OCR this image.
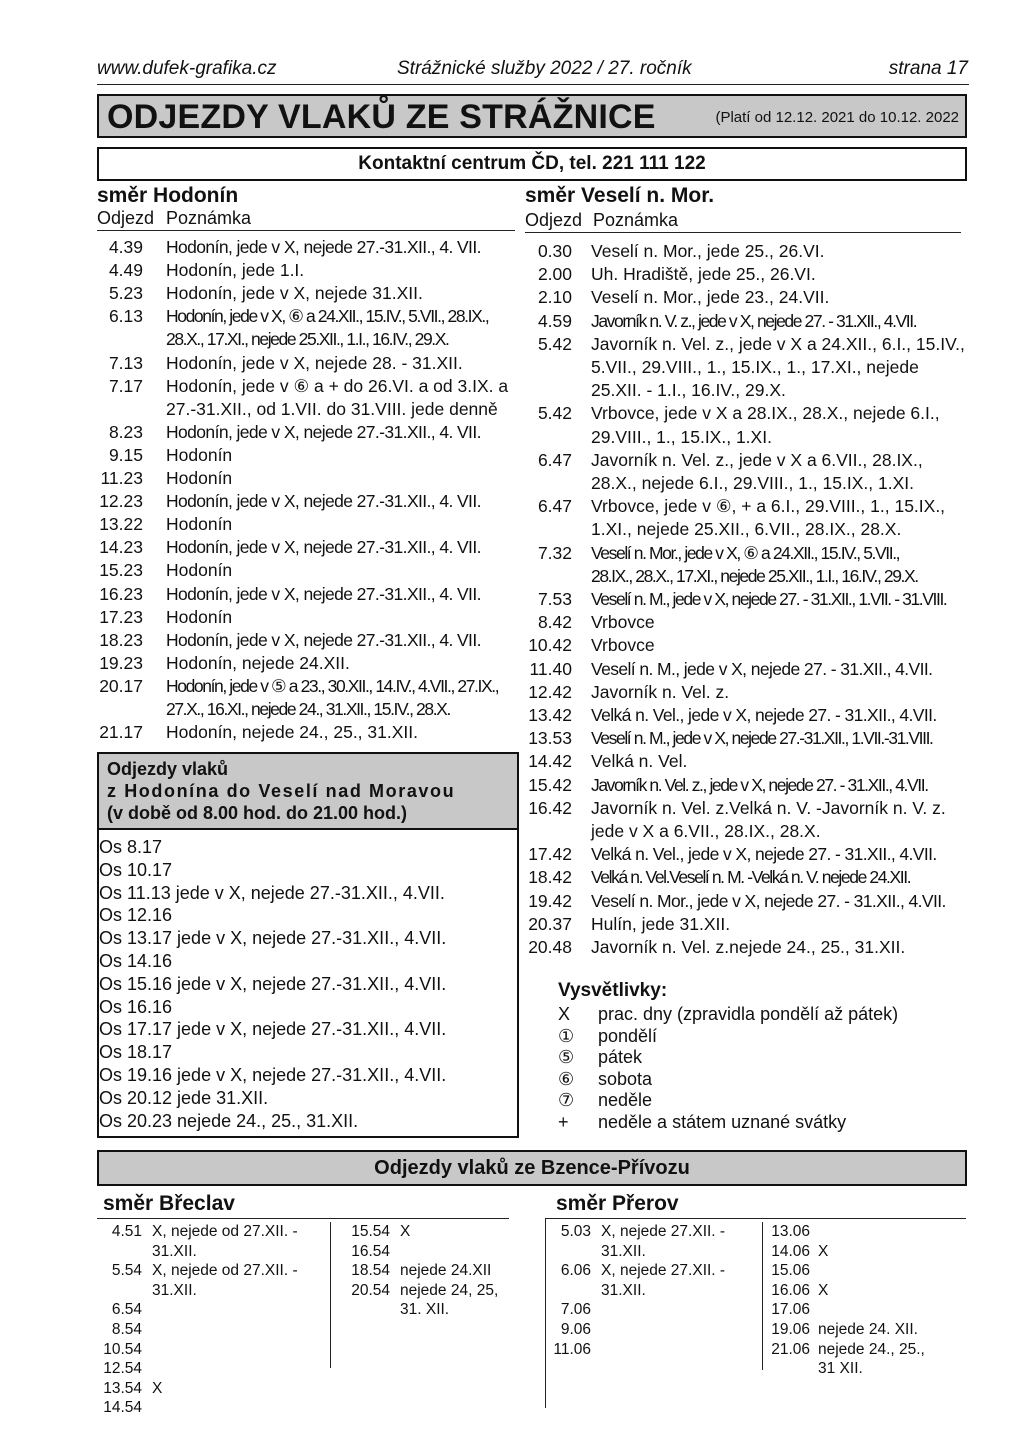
www.dufek-grafika.cz	Strážnické služby 2022 / 27. ročník	strana 17
ODJEZDY VLAKŮ ZE STRÁŽNICE	(Platí od 12.12. 2021 do 10.12. 2022
Kontaktní centrum ČD, tel. 221 111 122
směr Hodonín
Odjezd Poznámka
4.39 Hodonín, jede v X, nejede 27.-31.XII., 4. VII.
4.49 Hodonín, jede 1.I.
5.23 Hodonín, jede v X, nejede 31.XII.
6.13 Hodonín, jede v X, ⑥ a 24.XII., 15.IV., 5.VII., 28.IX.,
28.X., 17.XI., nejede 25.XII., 1.I., 16.IV., 29.X.
7.13 Hodonín, jede v X, nejede 28. - 31.XII.
7.17 Hodonín, jede v ⑥ a + do 26.VI. a od 3.IX. a
27.-31.XII., od 1.VII. do 31.VIII. jede denně
8.23 Hodonín, jede v X, nejede 27.-31.XII., 4. VII.
9.15 Hodonín
11.23 Hodonín
12.23 Hodonín, jede v X, nejede 27.-31.XII., 4. VII.
13.22 Hodonín
14.23 Hodonín, jede v X, nejede 27.-31.XII., 4. VII.
15.23 Hodonín
16.23 Hodonín, jede v X, nejede 27.-31.XII., 4. VII.
17.23 Hodonín
18.23 Hodonín, jede v X, nejede 27.-31.XII., 4. VII.
19.23 Hodonín, nejede 24.XII.
20.17 Hodonín, jede v ⑤ a 23., 30.XII., 14.IV., 4.VII., 27.IX.,
27.X., 16.XI., nejede 24., 31.XII., 15.IV., 28.X.
21.17 Hodonín, nejede 24., 25., 31.XII.
Odjezdy vlaků
z Hodonína do Veselí nad Moravou
(v době od 8.00 hod. do 21.00 hod.)
Os 8.17
Os 10.17
Os 11.13 jede v X, nejede 27.-31.XII., 4.VII.
Os 12.16
Os 13.17 jede v X, nejede 27.-31.XII., 4.VII.
Os 14.16
Os 15.16 jede v X, nejede 27.-31.XII., 4.VII.
Os 16.16
Os 17.17 jede v X, nejede 27.-31.XII., 4.VII.
Os 18.17
Os 19.16 jede v X, nejede 27.-31.XII., 4.VII.
Os 20.12 jede 31.XII.
Os 20.23 nejede 24., 25., 31.XII.
směr Veselí n. Mor.
Odjezd Poznámka
0.30 Veselí n. Mor., jede 25., 26.VI.
2.00 Uh. Hradiště, jede 25., 26.VI.
2.10 Veselí n. Mor., jede 23., 24.VII.
4.59 Javorník n. V. z., jede v X, nejede 27. - 31.XII., 4.VII.
5.42 Javorník n. Vel. z., jede v X a 24.XII., 6.I., 15.IV.,
5.VII., 29.VIII., 1., 15.IX., 1., 17.XI., nejede
25.XII. - 1.I., 16.IV., 29.X.
5.42 Vrbovce, jede v X a 28.IX., 28.X., nejede 6.I.,
29.VIII., 1., 15.IX., 1.XI.
6.47 Javorník n. Vel. z., jede v X a 6.VII., 28.IX.,
28.X., nejede 6.I., 29.VIII., 1., 15.IX., 1.XI.
6.47 Vrbovce, jede v ⑥, + a 6.I., 29.VIII., 1., 15.IX.,
1.XI., nejede 25.XII., 6.VII., 28.IX., 28.X.
7.32 Veselí n. Mor., jede v X, ⑥ a 24.XII., 15.IV., 5.VII.,
28.IX., 28.X., 17.XI., nejede 25.XII., 1.I., 16.IV., 29.X.
7.53 Veselí n. M., jede v X, nejede 27. - 31.XII., 1.VII. - 31.VIII.
8.42 Vrbovce
10.42 Vrbovce
11.40 Veselí n. M., jede v X, nejede 27. - 31.XII., 4.VII.
12.42 Javorník n. Vel. z.
13.42 Velká n. Vel., jede v X, nejede 27. - 31.XII., 4.VII.
13.53 Veselí n. M., jede v X, nejede 27.-31.XII., 1.VII.-31.VIII.
14.42 Velká n. Vel.
15.42 Javorník n. Vel. z., jede v X, nejede 27. - 31.XII., 4.VII.
16.42 Javorník n. Vel. z.Velká n. V. -Javorník n. V. z.
jede v X a 6.VII., 28.IX., 28.X.
17.42 Velká n. Vel., jede v X, nejede 27. - 31.XII., 4.VII.
18.42 Velká n. Vel.Veselí n. M. -Velká n. V. nejede 24.XII.
19.42 Veselí n. Mor., jede v X, nejede 27. - 31.XII., 4.VII.
20.37 Hulín, jede 31.XII.
20.48 Javorník n. Vel. z.nejede 24., 25., 31.XII.
Vysvětlivky:
X prac. dny (zpravidla pondělí až pátek)
① pondělí
⑤ pátek
⑥ sobota
⑦ neděle
+ neděle a státem uznané svátky
Odjezdy vlaků ze Bzence-Přívozu
směr Břeclav
4.51 X, nejede od 27.XII. -
31.XII.
5.54 X, nejede od 27.XII. -
31.XII.
6.54
8.54
10.54
12.54
13.54 X
14.54
15.54 X
16.54
18.54 nejede 24.XII
20.54 nejede 24, 25,
31. XII.
směr Přerov
5.03 X, nejede 27.XII. -
31.XII.
6.06 X, nejede 27.XII. -
31.XII.
7.06
9.06
11.06
13.06
14.06 X
15.06
16.06 X
17.06
19.06 nejede 24. XII.
21.06 nejede 24., 25.,
31 XII.
